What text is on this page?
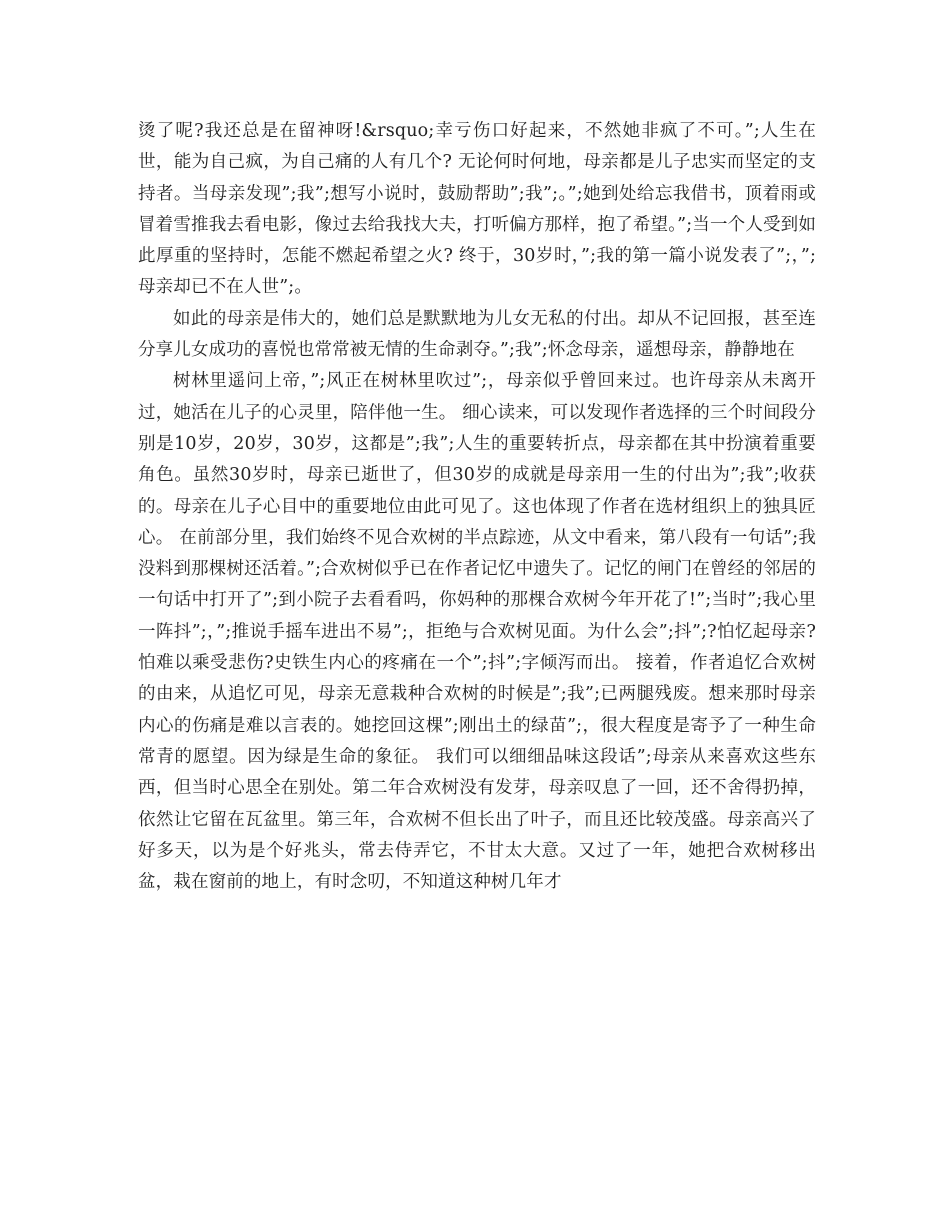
烫了呢?我还总是在留神呀!&rsquo;幸亏伤口好起来，不然她非疯了不可。”;人生在世，能为自己疯，为自己痛的人有几个? 无论何时何地，母亲都是儿子忠实而坚定的支持者。当母亲发现”;我”;想写小说时，鼓励帮助”;我”;。”;她到处给忘我借书，顶着雨或冒着雪推我去看电影，像过去给我找大夫，打听偏方那样，抱了希望。”;当一个人受到如此厚重的坚持时，怎能不燃起希望之火? 终于，30岁时，”;我的第一篇小说发表了”;，”;母亲却已不在人世”;。

如此的母亲是伟大的，她们总是默默地为儿女无私的付出。却从不记回报，甚至连分享儿女成功的喜悦也常常被无情的生命剥夺。”;我”;怀念母亲，遥想母亲，静静地在

树林里遥问上帝，”;风正在树林里吹过”;，母亲似乎曾回来过。也许母亲从未离开过，她活在儿子的心灵里，陪伴他一生。 细心读来，可以发现作者选择的三个时间段分别是10岁，20岁，30岁，这都是”;我”;人生的重要转折点，母亲都在其中扮演着重要角色。虽然30岁时，母亲已逝世了，但30岁的成就是母亲用一生的付出为”;我”;收获的。母亲在儿子心目中的重要地位由此可见了。这也体现了作者在选材组织上的独具匠心。 在前部分里，我们始终不见合欢树的半点踪迹，从文中看来，第八段有一句话”;我没料到那棵树还活着。”;合欢树似乎已在作者记忆中遗失了。记忆的闸门在曾经的邻居的一句话中打开了”;到小院子去看看吗，你妈种的那棵合欢树今年开花了!”;当时”;我心里一阵抖”;，”;推说手摇车进出不易”;，拒绝与合欢树见面。为什么会”;抖”;?怕忆起母亲?怕难以乘受悲伤?史铁生内心的疼痛在一个”;抖”;字倾泻而出。 接着，作者追忆合欢树的由来，从追忆可见，母亲无意栽种合欢树的时候是”;我”;已两腿残废。想来那时母亲内心的伤痛是难以言表的。她挖回这棵”;刚出土的绿苗”;，很大程度是寄予了一种生命常青的愿望。因为绿是生命的象征。 我们可以细细品味这段话”;母亲从来喜欢这些东西，但当时心思全在别处。第二年合欢树没有发芽，母亲叹息了一回，还不舍得扔掉，依然让它留在瓦盆里。第三年，合欢树不但长出了叶子，而且还比较茂盛。母亲高兴了好多天，以为是个好兆头，常去侍弄它，不甘太大意。又过了一年，她把合欢树移出盆，栽在窗前的地上，有时念叨，不知道这种树几年才
